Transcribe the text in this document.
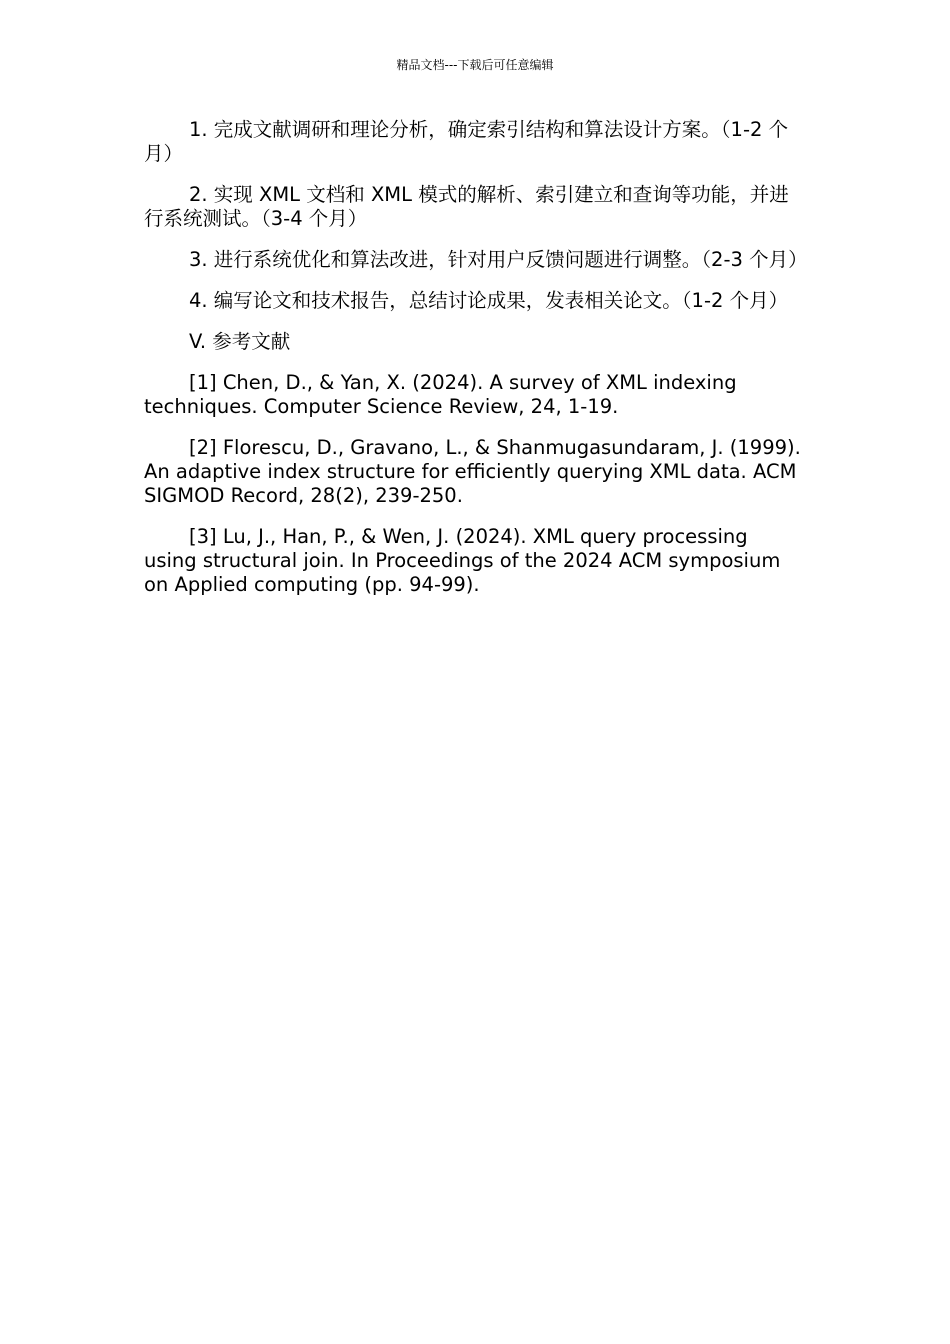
精品文档---下载后可任意编辑

1. 完成文献调研和理论分析，确定索引结构和算法设计方案。（1-2 个月）

2. 实现 XML 文档和 XML 模式的解析、索引建立和查询等功能，并进行系统测试。（3-4 个月）

3. 进行系统优化和算法改进，针对用户反馈问题进行调整。（2-3 个月）

4. 编写论文和技术报告，总结讨论成果，发表相关论文。（1-2 个月）

V. 参考文献

[1] Chen, D., & Yan, X. (2024). A survey of XML indexing techniques. Computer Science Review, 24, 1-19.

[2] Florescu, D., Gravano, L., & Shanmugasundaram, J. (1999). An adaptive index structure for efficiently querying XML data. ACM SIGMOD Record, 28(2), 239-250.

[3] Lu, J., Han, P., & Wen, J. (2024). XML query processing using structural join. In Proceedings of the 2024 ACM symposium on Applied computing (pp. 94-99).
